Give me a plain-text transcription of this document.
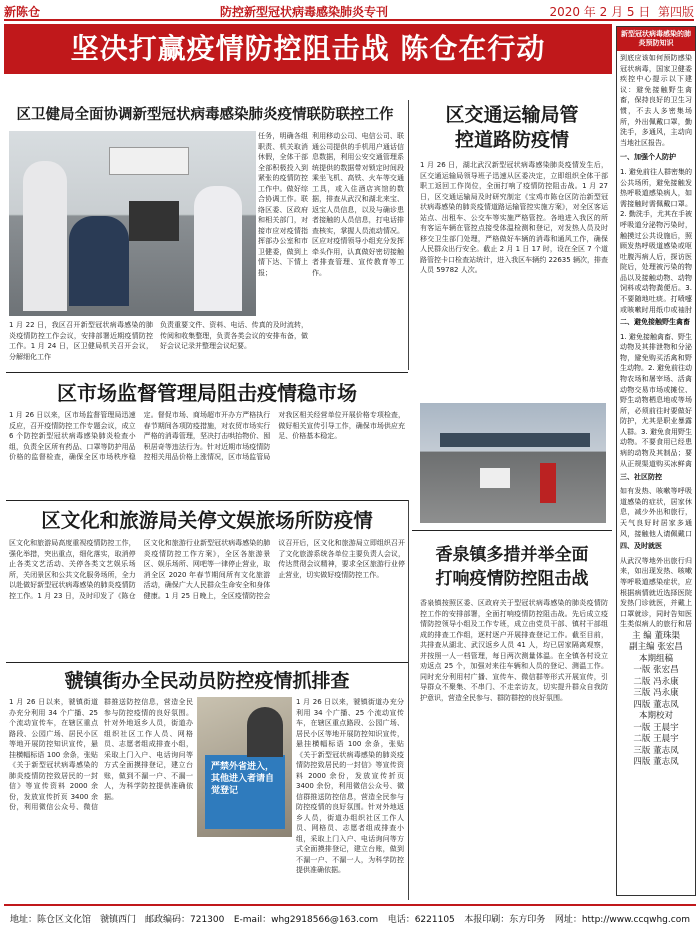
新陈仓	防控新型冠状病毒感染肺炎专刊	2020 年 2 月 5 日 第四版
坚决打赢疫情防控阻击战 陈仓在行动
区卫健局全面协调新型冠状病毒感染肺炎疫情联防联控工作
任务，明确各组职责、机关取消休假，全体干部全部积极投入到紧张的疫情防控工作中。做好综合协调工作。联络区委、区政府和相关部门，对接市应对疫情指挥部办公室和市卫健委，做到上情下达、下情上报；
1 月 22 日，我区召开新型冠状病毒感染的肺炎疫情防控工作会议，安排部署近期疫情防控工作。1 月 24 日，区卫健局机关召开会议，分解细化工作
负责重要文件、资料、电话、传真的及时流转，传阅和收集整理，负责各类会议的安排布备，做好会议记录并整理会议纪要。
利用移动公司、电信公司、联通公司提供的手机用户通话信息数据，利用公安交通管理系统提供的数据带对锁定时间段乘坐飞机、高铁、火车等交通工具，或入住酒店宾馆的数据，排查从武汉和湖北来宝、返宝人员信息，以及与确诊患者接触的人员信息，打电话排查核实，掌握人员流动情况。区应对疫情领导小组充分发挥牵头作用，认真做好密切接触者排查管理、宣传教育等工作。
区交通运输局管
控道路防疫情
1 月 26 日，湖北武汉新型冠状病毒感染肺炎疫情发生后，区交通运输局领导班子迅速从区委决定，立即组织全体干部职工返回工作岗位，全面打响了疫情防控阻击战。1 月 27 日，区交通运输局及时研究制定《宝鸡市陈仓区防治新型冠状病毒感染的肺炎疫情道路运输管控实施方案》，对全区客运站点、出租车、公交车等实施严格管控。各地进入我区的所有客运车辆在管控点接受体温检测和登记，对发热人员及时移交卫生部门处理，严格做好车辆的消毒和通风工作，确保人民群众出行安全。截止 2 月 1 日 17 时，设在全区 7 个道路管控卡口检查站统计，进入我区车辆约 22635 辆次，排查人员 59782 人次。
区市场监督管理局阻击疫情稳市场
1 月 26 日以来，区市场监督管理局迅速反应，召开疫情防控工作专题会议，成立 6 个防控新型冠状病毒感染肺炎检查小组，负责全区所有药品、口罩等防护用品价格的监督检查，确保全区市场秩序稳定。督促市场、商场超市开办方严格执行春节期间各项防疫措施，对农贸市场实行严格的消毒管理，坚决打击哄抬物价、囤积居奇等违法行为。针对近期市场疫情防控相关用品价格上涨情况，区市场监管局对我区相关经营单位开展价格专项检查，做好相关宣传引导工作，确保市场供应充足、价格基本稳定。
区文化和旅游局关停文娱旅场所防疫情
区文化和旅游局高度重视疫情防控工作，强化举措，突出重点，细化落实，取消停止各类文艺活动、关停各类文艺娱乐场所，关闭景区和公共文化服务场所，全力以赴做好新型冠状病毒感染的肺炎疫情防控工作。1 月 23 日，及时印发了《陈仓区文化和旅游行业新型冠状病毒感染的肺炎疫情防控工作方案》，全区各旅游景区、娱乐场所、网吧等一律停止营业，取消全区 2020 年春节期间所有文化旅游活动，确保广大人民群众生命安全和身体健康。1 月 25 日晚上，全区疫情防控会议召开后，区文化和旅游局立即组织召开了文化旅游系统各单位主要负责人会议，传达贯彻会议精神，要求全区旅游行业停止营业，切实做好疫情防控工作。
香泉镇多措并举全面
打响疫情防控阻击战
香泉镇按照区委、区政府关于型冠状病毒感染的肺炎疫情防控工作的安排部署，全面打响疫情防控阻击战。先后成立疫情防控领导小组及工作专班，成立由党员干部、镇村干部组成的排查工作组，逐村逐户开展排查登记工作。截至目前，共排查从湖北、武汉返乡人员 41 人，均已居家隔离观察，并按照一人一档管理，每日两次测量体温。在全镇各村设立劝返点 25 个，加强对来往车辆和人员的登记、测温工作。同时充分利用村广播、宣传车、微信群等形式开展宣传，引导群众不聚集、不串门、不走亲访友，切实提升群众自我防护意识，营造全民参与、群防群控的良好氛围。
虢镇街办全民动员防控疫情抓排查
1 月 26 日以来，虢镇街道办充分利用 34 个广播、25 个流动宣传车，在辖区重点路段、公园广场、居民小区等地开展防控知识宣传，悬挂横幅标语 100 余条，张贴《关于新型冠状病毒感染的肺炎疫情防控致居民的一封信》等宣传资料 2000 余份，发放宣传折页 3400 余份，利用微信公众号、微信群推送防控信息，营造全民参与防控疫情的良好氛围。针对外地返乡人员，街道办组织社区工作人员、网格员、志愿者组成排查小组，采取上门入户、电话询问等方式全面摸排登记，建立台账，做到不漏一户、不漏一人，为科学防控提供准确依据。
严禁外省进入，其他进入者请自觉登记
1 月 26 日以来，虢镇街道办充分利用 34 个广播、25 个流动宣传车，在辖区重点路段、公园广场、居民小区等地开展防控知识宣传，悬挂横幅标语 100 余条，张贴《关于新型冠状病毒感染的肺炎疫情防控致居民的一封信》等宣传资料 2000 余份，发放宣传折页 3400 余份，利用微信公众号、微信群推送防控信息，营造全民参与防控疫情的良好氛围。针对外地返乡人员，街道办组织社区工作人员、网格员、志愿者组成排查小组，采取上门入户、电话询问等方式全面摸排登记，建立台账，做到不漏一户、不漏一人，为科学防控提供准确依据。
新型冠状病毒感染的肺炎预防知识
到底应该如何预防感染冠状病毒，国家卫健委疾控中心提示以下建议：避免接触野生禽畜，保持良好的卫生习惯，不去人多密集场所，外出佩戴口罩，勤洗手，多通风，主动向当地社区报告。
一、加强个人防护
1. 避免前往人群密集的公共场所，避免接触发热呼吸道感染病人，如需接触时需佩戴口罩。2. 勤洗手，尤其在手被呼吸道分泌物污染时，触摸过公共设施后，照顾发热呼吸道感染或呕吐腹泻病人后，探访医院后，处理被污染的物品以及接触动物、动物饲料或动物粪便后。3. 不要随地吐痰。打喷嚏或咳嗽时用纸巾或袖肘
二、避免接触野生禽畜
1. 避免接触禽畜、野生动物及其排泄物和分泌物，避免购买活禽和野生动物。2. 避免前往动物农场和屠宰场、活禽动物交易市场或摊位、野生动物栖息地或等场所，必须前往时要做好防护，尤其是职业暴露人群。3. 避免食用野生动物。不要食用已经患病的动物及其制品；要从正规渠道购买冰鲜禽
三、社区防控
如有发热、咳嗽等呼吸道感染的症状，居家休息，减少外出和旅行，天气良好时居家多通风，接触他人请佩戴口
四、及时就医
从武汉等地外出旅行归来，如出现发热、咳嗽等呼吸道感染症状，应根据病情就近选择医院发热门诊就医，并戴上口罩就诊，同时告知医生类似病人的旅行和居
主 编 董珠渠
副主编 张宏昌
本期组稿
一版 张宏昌
二版 冯永康
三版 冯永康
四版 董志凤
本期校对
一版 王晨宇
二版 王晨宇
三版 董志凤
四版 董志凤
地址：陈仓区文化馆　虢镇西门　邮政编码：721300 E-mail：whg2918566@163.com 电话：6221105 本报印刷：东方印务 网址：http://www.ccqwhg.com
